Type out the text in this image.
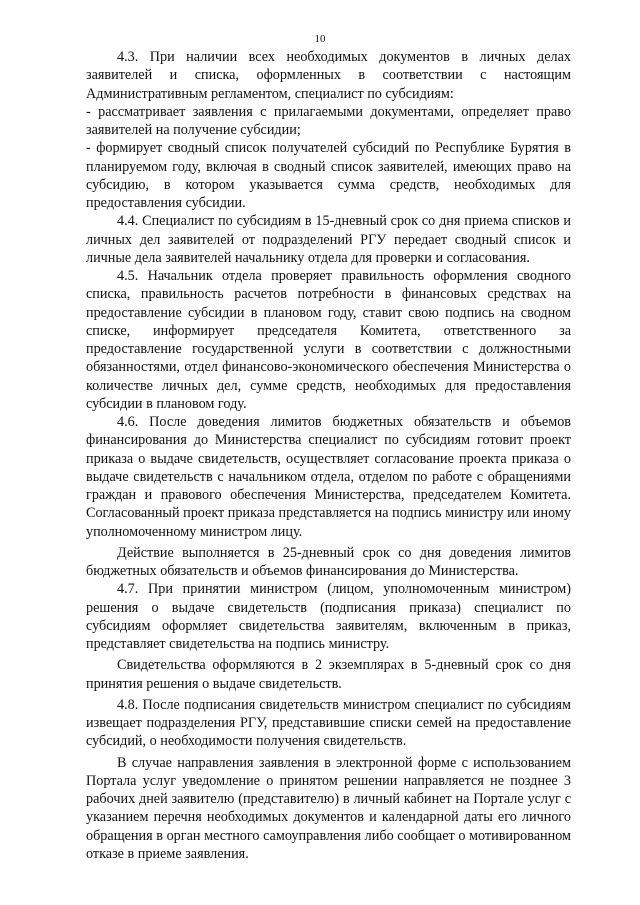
10

4.3. При наличии всех необходимых документов в личных делах заявителей и списка, оформленных в соответствии с настоящим Административным регламентом, специалист по субсидиям:

- рассматривает заявления с прилагаемыми документами, определяет право заявителей на получение субсидии;

- формирует сводный список получателей субсидий по Республике Бурятия в планируемом году, включая в сводный список заявителей, имеющих право на субсидию, в котором указывается сумма средств, необходимых для предоставления субсидии.

4.4. Специалист по субсидиям в 15-дневный срок со дня приема списков и личных дел заявителей от подразделений РГУ передает сводный список и личные дела заявителей начальнику отдела для проверки и согласования.

4.5. Начальник отдела проверяет правильность оформления сводного списка, правильность расчетов потребности в финансовых средствах на предоставление субсидии в плановом году, ставит свою подпись на сводном списке, информирует председателя Комитета, ответственного за предоставление государственной услуги в соответствии с должностными обязанностями, отдел финансово-экономического обеспечения Министерства о количестве личных дел, сумме средств, необходимых для предоставления субсидии в плановом году.

4.6. После доведения лимитов бюджетных обязательств и объемов финансирования до Министерства специалист по субсидиям готовит проект приказа о выдаче свидетельств, осуществляет согласование проекта приказа о выдаче свидетельств с начальником отдела, отделом по работе с обращениями граждан и правового обеспечения Министерства, председателем Комитета. Согласованный проект приказа представляется на подпись министру или иному уполномоченному министром лицу.

Действие выполняется в 25-дневный срок со дня доведения лимитов бюджетных обязательств и объемов финансирования до Министерства.

4.7. При принятии министром (лицом, уполномоченным министром) решения о выдаче свидетельств (подписания приказа) специалист по субсидиям оформляет свидетельства заявителям, включенным в приказ, представляет свидетельства на подпись министру.

Свидетельства оформляются в 2 экземплярах в 5-дневный срок со дня принятия решения о выдаче свидетельств.

4.8. После подписания свидетельств министром специалист по субсидиям извещает подразделения РГУ, представившие списки семей на предоставление субсидий, о необходимости получения свидетельств.

В случае направления заявления в электронной форме с использованием Портала услуг уведомление о принятом решении направляется не позднее 3 рабочих дней заявителю (представителю) в личный кабинет на Портале услуг с указанием перечня необходимых документов и календарной даты его личного обращения в орган местного самоуправления либо сообщает о мотивированном отказе в приеме заявления.
